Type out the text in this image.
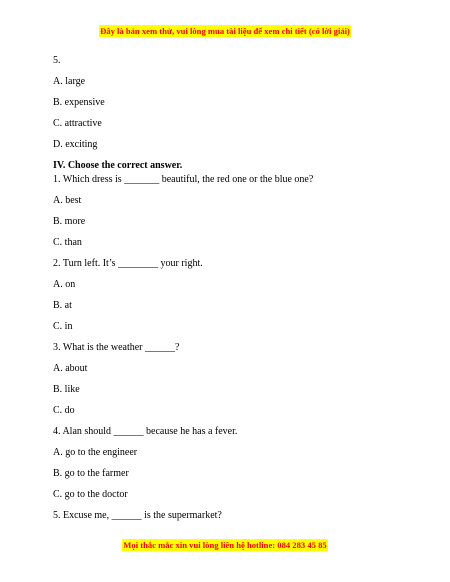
Đây là bản xem thử, vui lòng mua tài liệu để xem chi tiết (có lời giải)
5.
A. large
B. expensive
C. attractive
D. exciting
IV. Choose the correct answer.
1. Which dress is _______ beautiful, the red one or the blue one?
A. best
B. more
C. than
2. Turn left. It’s ________ your right.
A. on
B. at
C. in
3. What is the weather ______?
A. about
B. like
C. do
4. Alan should ______ because he has a fever.
A. go to the engineer
B. go to the farmer
C. go to the doctor
5. Excuse me, ______ is the supermarket?
Mọi thắc mắc xin vui lòng liên hệ hotline: 084 283 45 85
